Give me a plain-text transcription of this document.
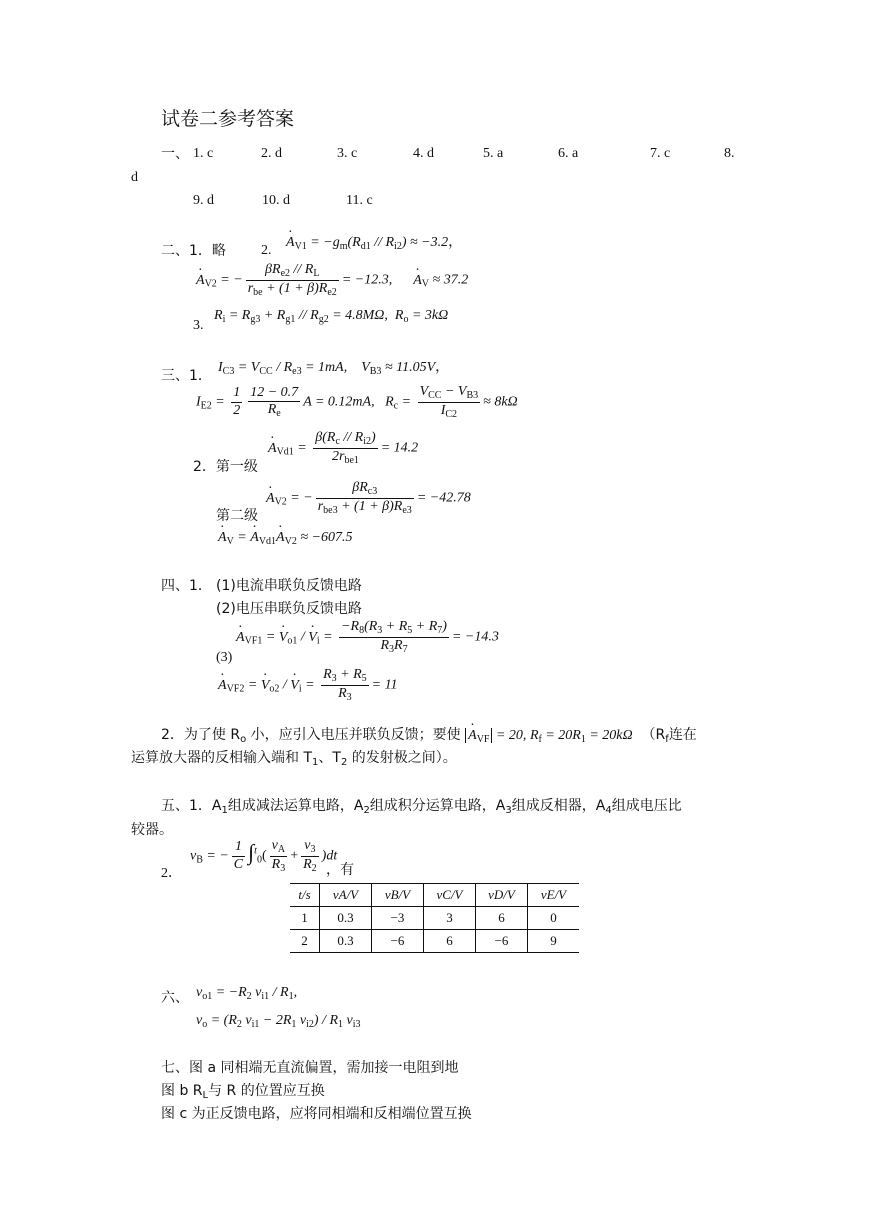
试卷二参考答案
一、 1. c	2. d	3. c	4. d	5. a	6. a	7. c	8.
d
9. d	10. d	11. c
二、1．略	2.
· $A_{V1} = -g_m(R_{d1} // R_{i2}) \approx -3.2$，
· $A_{V2}$ = − $\frac{\beta R_{e2} // R_L}{r_{be} + (1 + \beta)R_{e2}} = -12.3$, · $A_V \approx 37.2$
3.
$R_i = R_{g3} + R_{g1} // R_{g2} = 4.8M\Omega$,  $R_o = 3k\Omega$
三、1．
$I_{C3} = V_{CC} / R_{e3} = 1mA$,    $V_{B3} \approx 11.05V$，
$I_{E2} = \frac{1}{2} \frac{12 - 0.7}{R_e}$ A = 0.12mA,   $R_c = \frac{V_{CC} - V_{B3}}{I_{C2}} \approx 8k\Omega$
2．第一级
· $A_{Vd1} = \frac{\beta(R_c // R_{i2})}{2r_{be1}} = 14.2$
· $A_{V2}$ = − $\frac{\beta R_{c3}}{r_{be3} + (1 + \beta)R_{e3}} = -42.78$
第二级
· $A_V$ = · $A_{Vd1}\cdot A_{V2} \approx -607.5$
四、1． (1)电流串联负反馈电路
(2)电压串联负反馈电路
· $A_{VF1}$ = · $V_{o1}$ / · $V_i = \frac{-R_8(R_3 + R_5 + R_7)}{R_3R_7} = -14.3$
(3)
· $A_{VF2}$ = · $V_{o2}$ / · $V_i = \frac{R_3 + R_5}{R_3} = 11$
2．为了使 $R_o$ 小，应引入电压并联负反馈；要使 · $A_{VF} = 20$, $R_f = 20R_1 = 20k\Omega$ （$R_f$连在
运算放大器的反相输入端和 $T_1$、$T_2$ 的发射极之间）。
五、1．$A_1$组成减法运算电路，$A_2$组成积分运算电路，$A_3$组成反相器，$A_4$组成电压比
较器。
2．
$v_B$ = − $\frac{1}{C} \int^t_0( \frac{v_A}{R_3} + \frac{v_3}{R_2} )dt$
，有
t/s	vA/V	vB/V	vC/V	vD/V	vE/V
1	0.3	−3	3	6	0
2	0.3	−6	6	−6	9
六、 $v_{o1} = -R_2$ $v_{i1} / R_1$,
$v_o = (R_2$ $v_{i1} - 2R_1$ $v_{i2}) / R_1$ $v_{i3}$
七、图 a 同相端无直流偏置，需加接一电阻到地
图 b $R_L$与 R 的位置应互换
图 c 为正反馈电路，应将同相端和反相端位置互换
